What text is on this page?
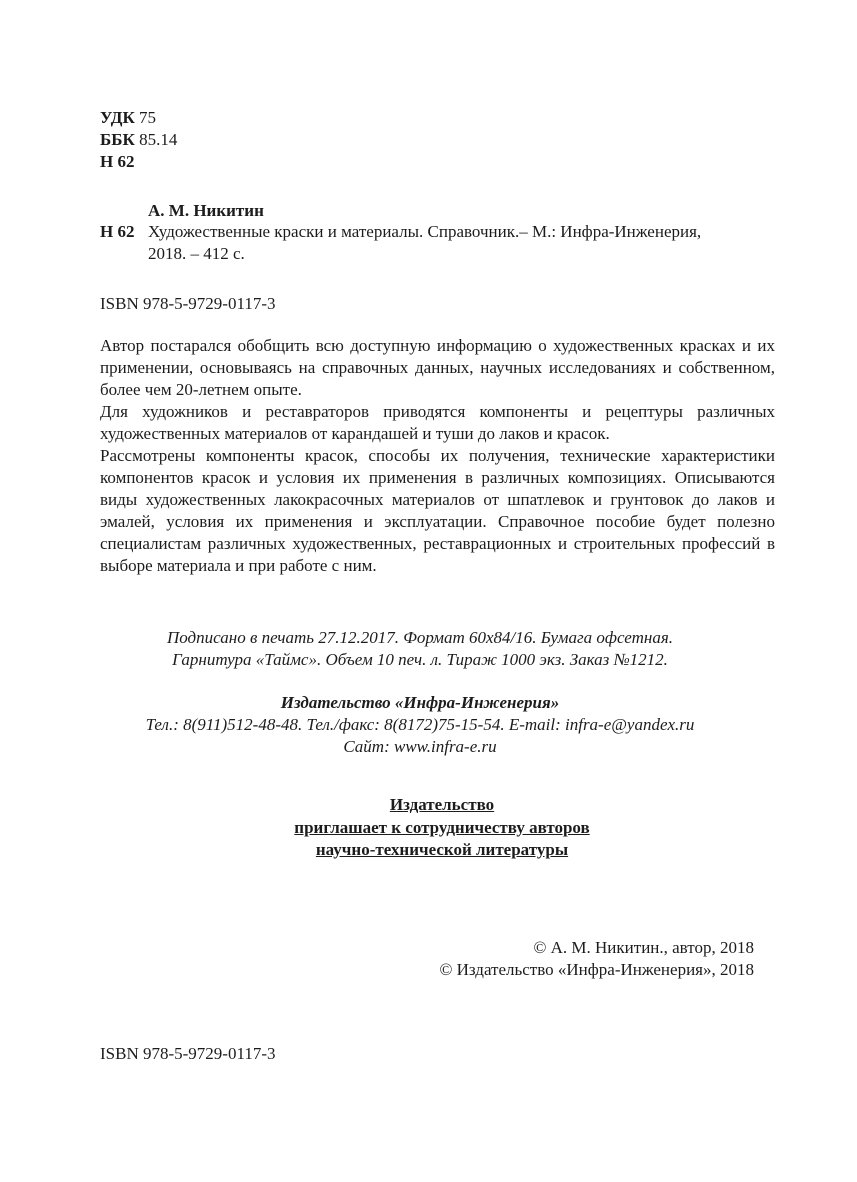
УДК 75
ББК 85.14
Н 62
А. М. Никитин
Н 62 Художественные краски и материалы. Справочник.– М.: Инфра-Инженерия, 2018. – 412 с.
ISBN 978-5-9729-0117-3

Автор постарался обобщить всю доступную информацию о художественных красках и их применении, основываясь на справочных данных, научных исследованиях и собственном, более чем 20-летнем опыте.

Для художников и реставраторов приводятся компоненты и рецептуры различных художественных материалов от карандашей и туши до лаков и красок.

Рассмотрены компоненты красок, способы их получения, технические характеристики компонентов красок и условия их применения в различных композициях. Описываются виды художественных лакокрасочных материалов от шпатлевок и грунтовок до лаков и эмалей, условия их применения и эксплуатации. Справочное пособие будет полезно специалистам различных художественных, реставрационных и строительных профессий в выборе материала и при работе с ним.

Подписано в печать 27.12.2017. Формат 60х84/16. Бумага офсетная.
Гарнитура «Таймс». Объем 10 печ. л. Тираж 1000 экз. Заказ №1212.
Издательство «Инфра-Инженерия»
Тел.: 8(911)512-48-48. Тел./факс: 8(8172)75-15-54. E-mail: infra-e@yandex.ru
Сайт: www.infra-e.ru
Издательство
приглашает к сотрудничеству авторов
научно-технической литературы
© А. М. Никитин., автор, 2018
© Издательство «Инфра-Инженерия», 2018
ISBN 978-5-9729-0117-3
